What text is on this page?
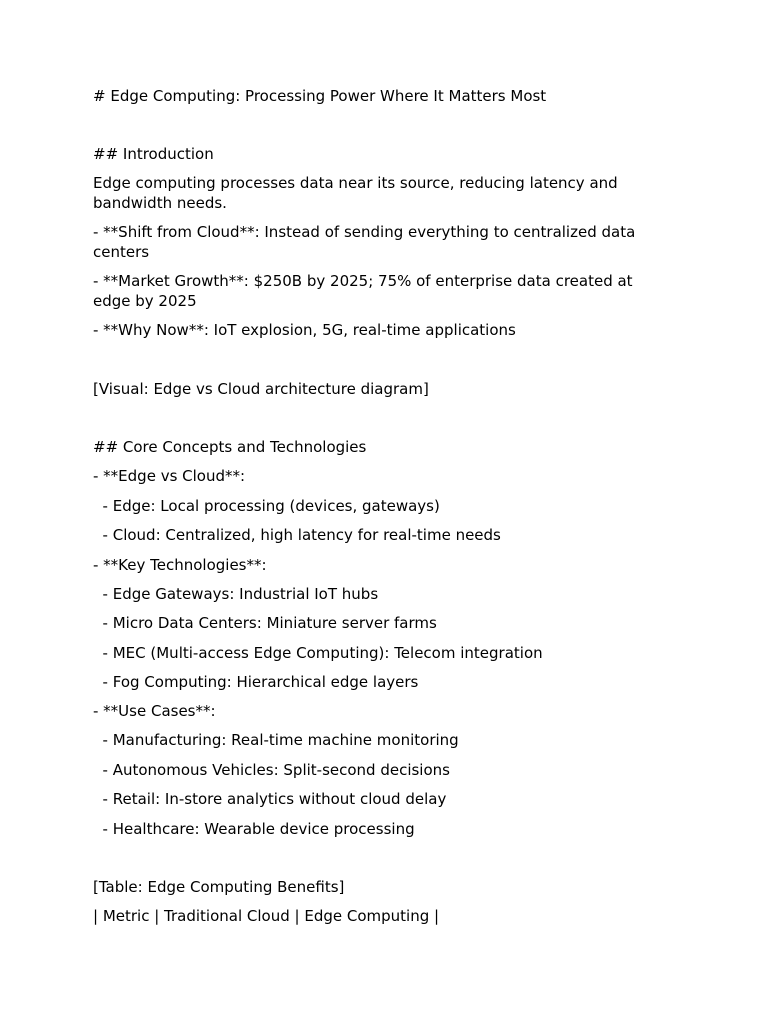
# Edge Computing: Processing Power Where It Matters Most

## Introduction

Edge computing processes data near its source, reducing latency and bandwidth needs.

- **Shift from Cloud**: Instead of sending everything to centralized data centers

- **Market Growth**: $250B by 2025; 75% of enterprise data created at edge by 2025

- **Why Now**: IoT explosion, 5G, real-time applications

[Visual: Edge vs Cloud architecture diagram]

## Core Concepts and Technologies

- **Edge vs Cloud**:

- Edge: Local processing (devices, gateways)

- Cloud: Centralized, high latency for real-time needs

- **Key Technologies**:

- Edge Gateways: Industrial IoT hubs

- Micro Data Centers: Miniature server farms

- MEC (Multi-access Edge Computing): Telecom integration

- Fog Computing: Hierarchical edge layers

- **Use Cases**:

- Manufacturing: Real-time machine monitoring

- Autonomous Vehicles: Split-second decisions

- Retail: In-store analytics without cloud delay

- Healthcare: Wearable device processing

[Table: Edge Computing Benefits]

| Metric | Traditional Cloud | Edge Computing |
